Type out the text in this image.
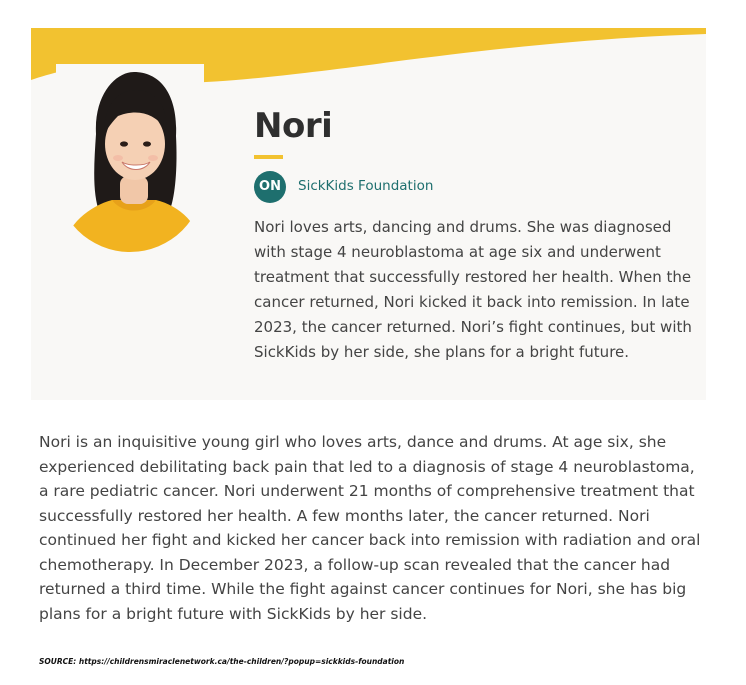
Nori
ON	SickKids Foundation

Nori loves arts, dancing and drums. She was diagnosed with stage 4 neuroblastoma at age six and underwent treatment that successfully restored her health. When the cancer returned, Nori kicked it back into remission. In late 2023, the cancer returned. Nori’s fight continues, but with SickKids by her side, she plans for a bright future.

Nori is an inquisitive young girl who loves arts, dance and drums. At age six, she experienced debilitating back pain that led to a diagnosis of stage 4 neuroblastoma, a rare pediatric cancer. Nori underwent 21 months of comprehensive treatment that successfully restored her health. A few months later, the cancer returned. Nori continued her fight and kicked her cancer back into remission with radiation and oral chemotherapy. In December 2023, a follow-up scan revealed that the cancer had returned a third time. While the fight against cancer continues for Nori, she has big plans for a bright future with SickKids by her side.

SOURCE: https://childrensmiraclenetwork.ca/the-children/?popup=sickkids-foundation
